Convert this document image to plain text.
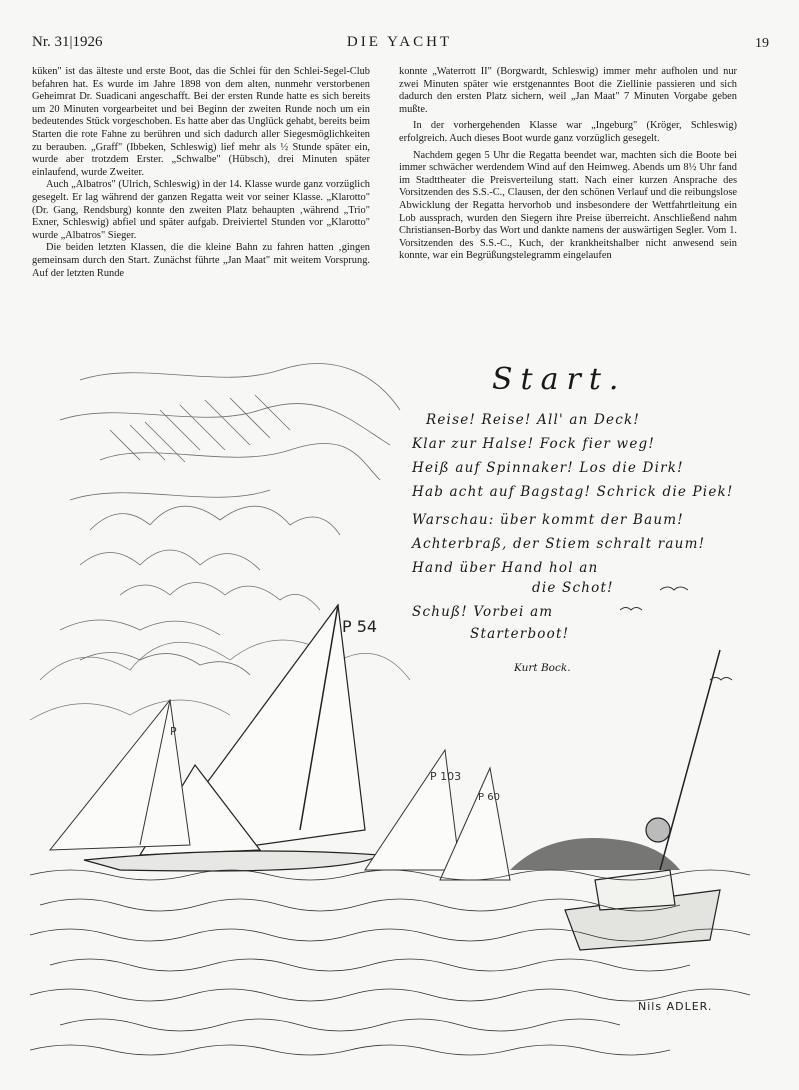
Nr. 31|1926	DIE YACHT	19

küken" ist das älteste und erste Boot, das die Schlei für den Schlei-Segel-Club befahren hat. Es wurde im Jahre 1898 von dem alten, nunmehr verstorbenen Geheimrat Dr. Suadicani angeschafft. Bei der ersten Runde hatte es sich bereits um 20 Minuten vorgearbeitet und bei Beginn der zweiten Runde noch um ein bedeutendes Stück vorgeschoben. Es hatte aber das Unglück gehabt, bereits beim Starten die rote Fahne zu berühren und sich dadurch aller Siegesmöglichkeiten zu berauben. „Graff" (Ibbeken, Schleswig) lief mehr als ½ Stunde später ein, wurde aber trotzdem Erster. „Schwalbe" (Hübsch), drei Minuten später einlaufend, wurde Zweiter.

Auch „Albatros" (Ulrich, Schleswig) in der 14. Klasse wurde ganz vorzüglich gesegelt. Er lag während der ganzen Regatta weit vor seiner Klasse. „Klarotto" (Dr. Gang, Rendsburg) konnte den zweiten Platz behaupten ‚während „Trio" Exner, Schleswig) abfiel und später aufgab. Dreiviertel Stunden vor „Klarotto" wurde „Albatros" Sieger.

Die beiden letzten Klassen, die die kleine Bahn zu fahren hatten ‚gingen gemeinsam durch den Start. Zunächst führte „Jan Maat" mit weitem Vorsprung. Auf der letzten Runde

konnte „Waterrott II" (Borgwardt, Schleswig) immer mehr aufholen und nur zwei Minuten später wie erstgenanntes Boot die Ziellinie passieren und sich dadurch den ersten Platz sichern, weil „Jan Maat" 7 Minuten Vorgabe geben mußte.

In der vorhergehenden Klasse war „Ingeburg" (Kröger, Schleswig) erfolgreich. Auch dieses Boot wurde ganz vorzüglich gesegelt.

Nachdem gegen 5 Uhr die Regatta beendet war, machten sich die Boote bei immer schwächer werdendem Wind auf den Heimweg. Abends um 8½ Uhr fand im Stadttheater die Preisverteilung statt. Nach einer kurzen Ansprache des Vorsitzenden des S.S.-C., Clausen, der den schönen Verlauf und die reibungslose Abwicklung der Regatta hervorhob und insbesondere der Wettfahrtleitung ein Lob aussprach, wurden den Siegern ihre Preise überreicht. Anschließend nahm Christiansen-Borby das Wort und dankte namens der auswärtigen Segler. Vom 1. Vorsitzenden des S.S.-C., Kuch, der krankheitshalber nicht anwesend sein konnte, war ein Begrüßungstelegramm eingelaufen

P 54
P
P 103
P 60
Start.
Reise! Reise! All' an Deck!
Klar zur Halse! Fock fier weg!
Heiß auf Spinnaker! Los die Dirk!
Hab acht auf Bagstag! Schrick die Piek!
Warschau: über kommt der Baum!
Achterbraß, der Stiem schralt raum!
Hand über Hand hol an
die Schot!
Schuß! Vorbei am
Starterboot!
Kurt Bock.
Nils ADLER.
